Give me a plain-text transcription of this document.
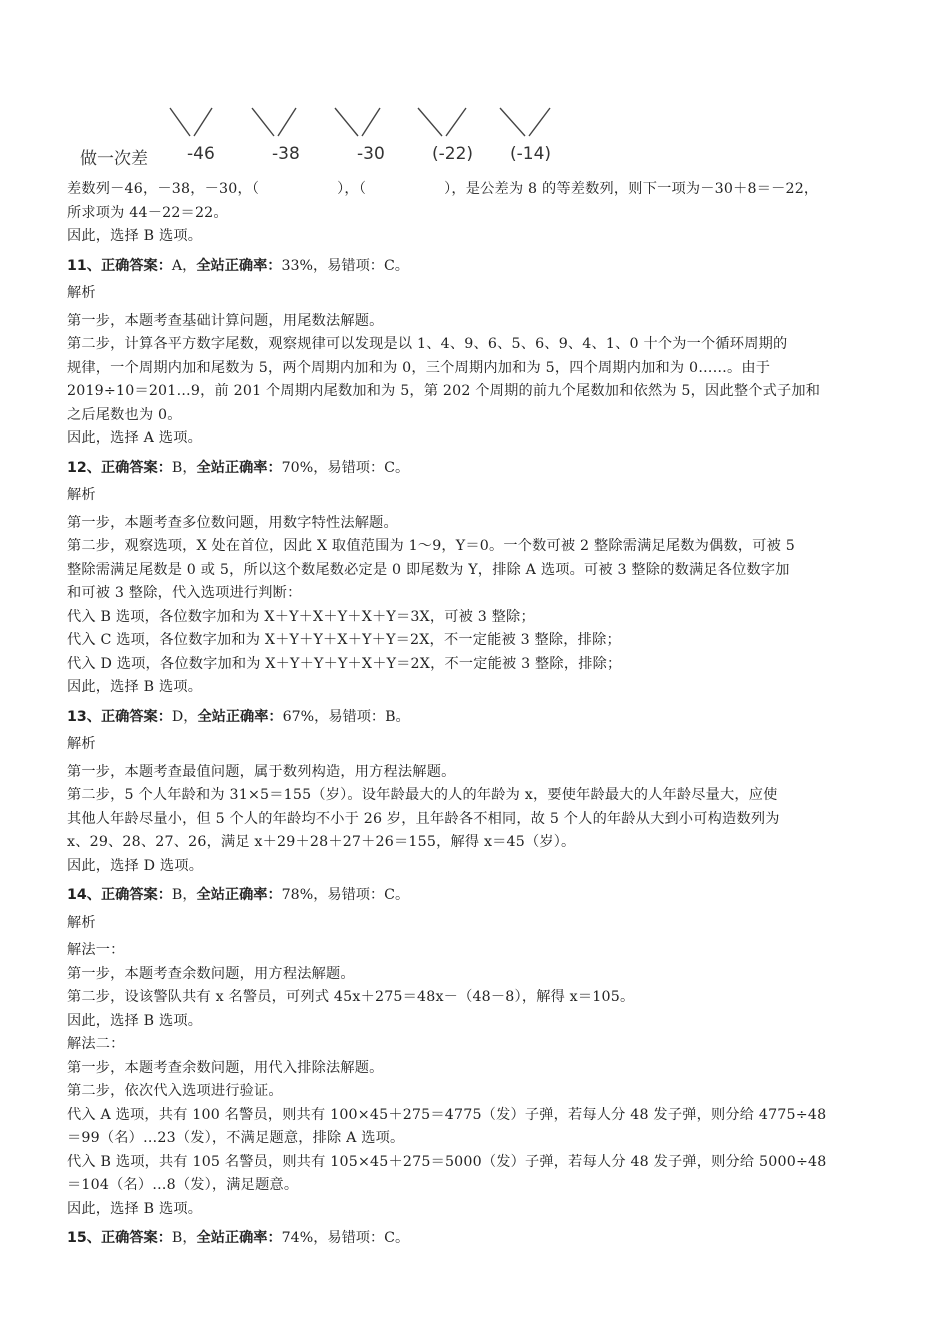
做一次差 -46	-38	-30	(-22) (-14)
差数列－46，－38，－30，（	），（	），是公差为 8 的等差数列，则下一项为－30＋8＝－22，
所求项为 44－22＝22。
因此，选择 B 选项。
11、正确答案：A，全站正确率：33%，易错项：C。
解析
第一步，本题考查基础计算问题，用尾数法解题。
第二步，计算各平方数字尾数，观察规律可以发现是以 1、4、9、6、5、6、9、4、1、0 十个为一个循环周期的
规律，一个周期内加和尾数为 5，两个周期内加和为 0，三个周期内加和为 5，四个周期内加和为 0……。由于
2019÷10＝201…9，前 201 个周期内尾数加和为 5，第 202 个周期的前九个尾数加和依然为 5，因此整个式子加和
之后尾数也为 0。
因此，选择 A 选项。
12、正确答案：B，全站正确率：70%，易错项：C。
解析
第一步，本题考查多位数问题，用数字特性法解题。
第二步，观察选项，X 处在首位，因此 X 取值范围为 1～9，Y＝0。一个数可被 2 整除需满足尾数为偶数，可被 5
整除需满足尾数是 0 或 5，所以这个数尾数必定是 0 即尾数为 Y，排除 A 选项。可被 3 整除的数满足各位数字加
和可被 3 整除，代入选项进行判断：
代入 B 选项，各位数字加和为 X＋Y＋X＋Y＋X＋Y＝3X，可被 3 整除；
代入 C 选项，各位数字加和为 X＋Y＋Y＋X＋Y＋Y＝2X，不一定能被 3 整除，排除；
代入 D 选项，各位数字加和为 X＋Y＋Y＋Y＋X＋Y＝2X，不一定能被 3 整除，排除；
因此，选择 B 选项。
13、正确答案：D，全站正确率：67%，易错项：B。
解析
第一步，本题考查最值问题，属于数列构造，用方程法解题。
第二步，5 个人年龄和为 31×5＝155（岁）。设年龄最大的人的年龄为 x，要使年龄最大的人年龄尽量大，应使
其他人年龄尽量小，但 5 个人的年龄均不小于 26 岁，且年龄各不相同，故 5 个人的年龄从大到小可构造数列为
x、29、28、27、26，满足 x＋29＋28＋27＋26＝155，解得 x＝45（岁）。
因此，选择 D 选项。
14、正确答案：B，全站正确率：78%，易错项：C。
解析
解法一：
第一步，本题考查余数问题，用方程法解题。
第二步，设该警队共有 x 名警员，可列式 45x＋275＝48x－（48－8），解得 x＝105。
因此，选择 B 选项。
解法二：
第一步，本题考查余数问题，用代入排除法解题。
第二步，依次代入选项进行验证。
代入 A 选项，共有 100 名警员，则共有 100×45＋275＝4775（发）子弹，若每人分 48 发子弹，则分给 4775÷48
＝99（名）…23（发），不满足题意，排除 A 选项。
代入 B 选项，共有 105 名警员，则共有 105×45＋275＝5000（发）子弹，若每人分 48 发子弹，则分给 5000÷48
＝104（名）…8（发），满足题意。
因此，选择 B 选项。
15、正确答案：B，全站正确率：74%，易错项：C。
